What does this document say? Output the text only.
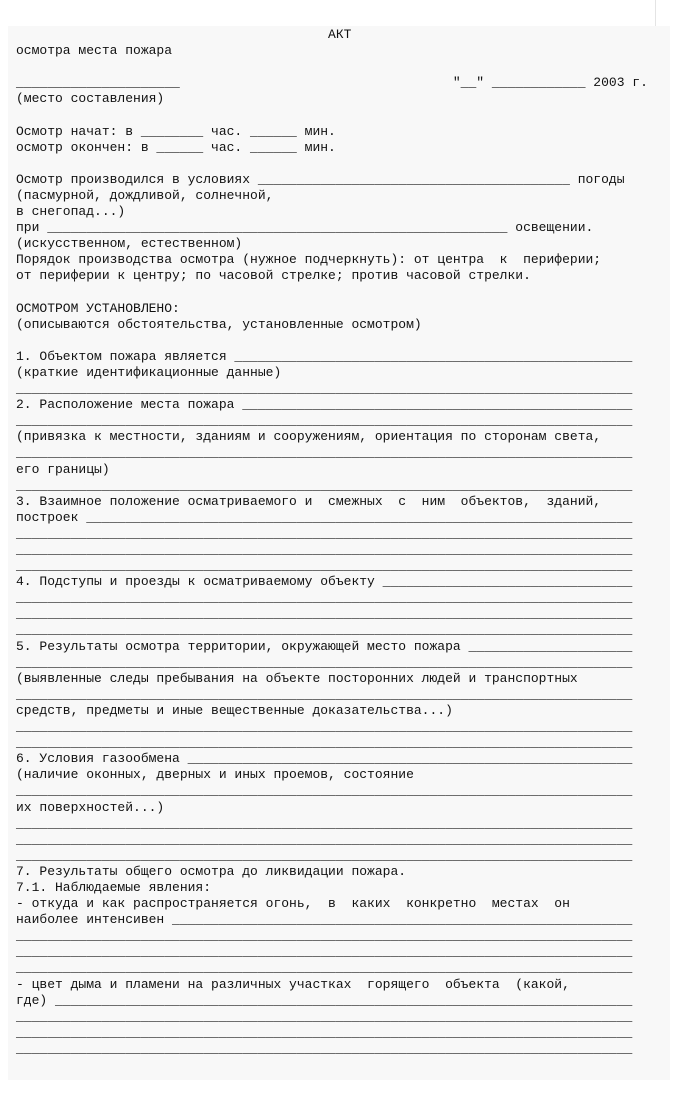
АКТ
осмотра места пожара

_____________________                                   "__" ____________ 2003 г.
(место составления)

Осмотр начат: в ________ час. ______ мин.
осмотр окончен: в ______ час. ______ мин.

Осмотр производился в условиях ________________________________________ погоды
(пасмурной, дождливой, солнечной,
в снегопад...)
при ___________________________________________________________ освещении.
(искусственном, естественном)
Порядок производства осмотра (нужное подчеркнуть): от центра  к  периферии;
от периферии к центру; по часовой стрелке; против часовой стрелки.

ОСМОТРОМ УСТАНОВЛЕНО:
(описываются обстоятельства, установленные осмотром)

1. Объектом пожара является ___________________________________________________
(краткие идентификационные данные)
_______________________________________________________________________________
2. Расположение места пожара __________________________________________________
_______________________________________________________________________________
(привязка к местности, зданиям и сооружениям, ориентация по сторонам света,
_______________________________________________________________________________
его границы)
_______________________________________________________________________________
3. Взаимное положение осматриваемого и  смежных  с  ним  объектов,  зданий,
построек ______________________________________________________________________
_______________________________________________________________________________
_______________________________________________________________________________
_______________________________________________________________________________
4. Подступы и проезды к осматриваемому объекту ________________________________
_______________________________________________________________________________
_______________________________________________________________________________
_______________________________________________________________________________
5. Результаты осмотра территории, окружающей место пожара _____________________
_______________________________________________________________________________
(выявленные следы пребывания на объекте посторонних людей и транспортных
_______________________________________________________________________________
средств, предметы и иные вещественные доказательства...)
_______________________________________________________________________________
_______________________________________________________________________________
6. Условия газообмена _________________________________________________________
(наличие оконных, дверных и иных проемов, состояние
_______________________________________________________________________________
их поверхностей...)
_______________________________________________________________________________
_______________________________________________________________________________
_______________________________________________________________________________
7. Результаты общего осмотра до ликвидации пожара.
7.1. Наблюдаемые явления:
- откуда и как распространяется огонь,  в  каких  конкретно  местах  он
наиболее интенсивен ___________________________________________________________
_______________________________________________________________________________
_______________________________________________________________________________
_______________________________________________________________________________
- цвет дыма и пламени на различных участках  горящего  объекта  (какой,
где) __________________________________________________________________________
_______________________________________________________________________________
_______________________________________________________________________________
_______________________________________________________________________________
